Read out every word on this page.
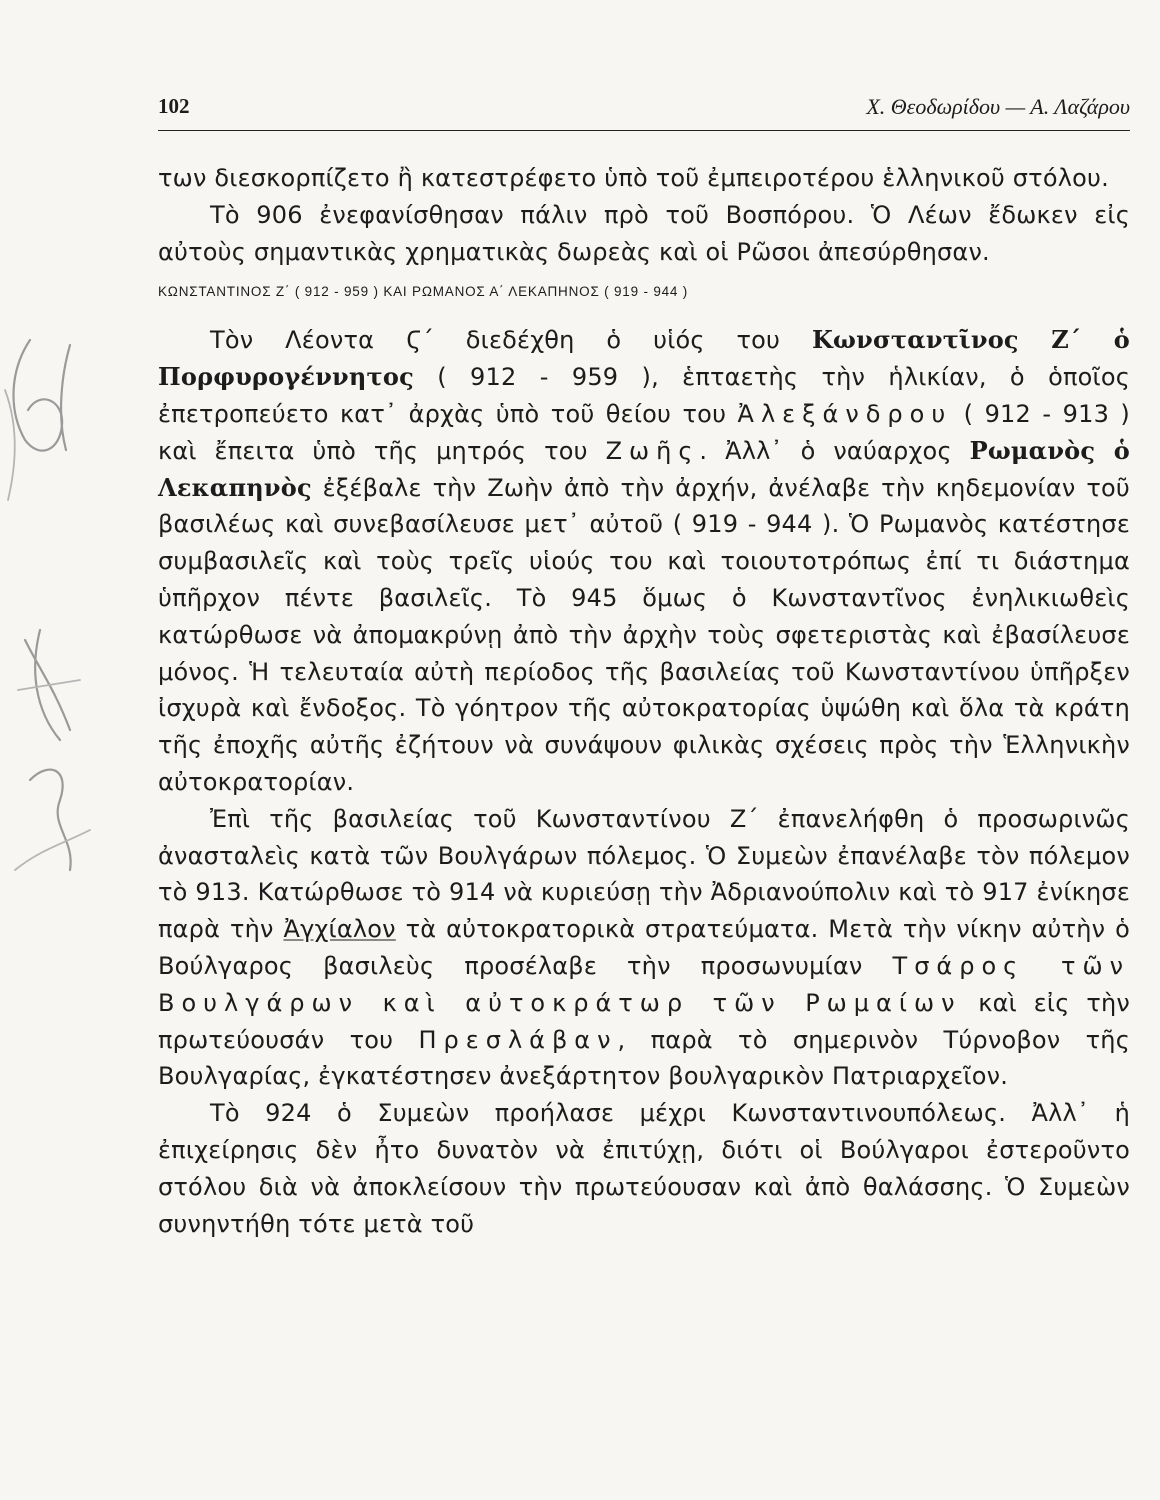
102	Χ. Θεοδωρίδου — Α. Λαζάρου

των διεσκορπίζετο ἢ κατεστρέφετο ὑπὸ τοῦ ἐμπειροτέρου ἑλληνικοῦ στόλου.

Τὸ 906 ἐνεφανίσθησαν πάλιν πρὸ τοῦ Βοσπόρου. Ὁ Λέων ἔδωκεν εἰς αὐτοὺς σημαντικὰς χρηματικὰς δωρεὰς καὶ οἱ Ρῶσοι ἀπεσύρθησαν.

ΚΩΝΣΤΑΝΤΙΝΟΣ Ζ΄ ( 912 - 959 ) ΚΑΙ ΡΩΜΑΝΟΣ Α΄ ΛΕΚΑΠΗΝΟΣ ( 919 - 944 )

Τὸν Λέοντα Ϛ΄ διεδέχθη ὁ υἱός του Κωνσταντῖνος Ζ΄ ὁ Πορφυρογέννητος ( 912 - 959 ), ἑπταετὴς τὴν ἡλικίαν, ὁ ὁποῖος ἐπετροπεύετο κατ᾿ ἀρχὰς ὑπὸ τοῦ θείου του Ἀλεξάνδρου ( 912 - 913 ) καὶ ἔπειτα ὑπὸ τῆς μητρός του Ζωῆς. Ἀλλ᾿ ὁ ναύαρχος Ρωμανὸς ὁ Λεκαπηνὸς ἐξέβαλε τὴν Ζωὴν ἀπὸ τὴν ἀρχήν, ἀνέλαβε τὴν κηδεμονίαν τοῦ βασιλέως καὶ συνεβασίλευσε μετ᾿ αὐτοῦ ( 919 - 944 ). Ὁ Ρωμανὸς κατέστησε συμβασιλεῖς καὶ τοὺς τρεῖς υἱούς του καὶ τοιουτοτρόπως ἐπί τι διάστημα ὑπῆρχον πέντε βασιλεῖς. Τὸ 945 ὅμως ὁ Κωνσταντῖνος ἐνηλικιωθεὶς κατώρθωσε νὰ ἀπομακρύνῃ ἀπὸ τὴν ἀρχὴν τοὺς σφετεριστὰς καὶ ἐβασίλευσε μόνος. Ἡ τελευταία αὐτὴ περίοδος τῆς βασιλείας τοῦ Κωνσταντίνου ὑπῆρξεν ἰσχυρὰ καὶ ἔνδοξος. Τὸ γόητρον τῆς αὐτοκρατορίας ὑψώθη καὶ ὅλα τὰ κράτη τῆς ἐποχῆς αὐτῆς ἐζήτουν νὰ συνάψουν φιλικὰς σχέσεις πρὸς τὴν Ἑλληνικὴν αὐτοκρατορίαν.

Ἐπὶ τῆς βασιλείας τοῦ Κωνσταντίνου Ζ΄ ἐπανελήφθη ὁ προσωρινῶς ἀνασταλεὶς κατὰ τῶν Βουλγάρων πόλεμος. Ὁ Συμεὼν ἐπανέλαβε τὸν πόλεμον τὸ 913. Κατώρθωσε τὸ 914 νὰ κυριεύσῃ τὴν Ἀδριανούπολιν καὶ τὸ 917 ἐνίκησε παρὰ τὴν Ἀγχίαλον τὰ αὐτοκρατορικὰ στρατεύματα. Μετὰ τὴν νίκην αὐτὴν ὁ Βούλγαρος βασιλεὺς προσέλαβε τὴν προσωνυμίαν Τσάρος τῶν Βουλγάρων καὶ αὐτοκράτωρ τῶν Ρωμαίων καὶ εἰς τὴν πρωτεύουσάν του Πρεσλάβαν, παρὰ τὸ σημερινὸν Τύρνοβον τῆς Βουλγαρίας, ἐγκατέστησεν ἀνεξάρτητον βουλγαρικὸν Πατριαρχεῖον.

Τὸ 924 ὁ Συμεὼν προήλασε μέχρι Κωνσταντινουπόλεως. Ἀλλ᾿ ἡ ἐπιχείρησις δὲν ἦτο δυνατὸν νὰ ἐπιτύχῃ, διότι οἱ Βούλγαροι ἐστεροῦντο στόλου διὰ νὰ ἀποκλείσουν τὴν πρωτεύουσαν καὶ ἀπὸ θαλάσσης. Ὁ Συμεὼν συνηντήθη τότε μετὰ τοῦ
